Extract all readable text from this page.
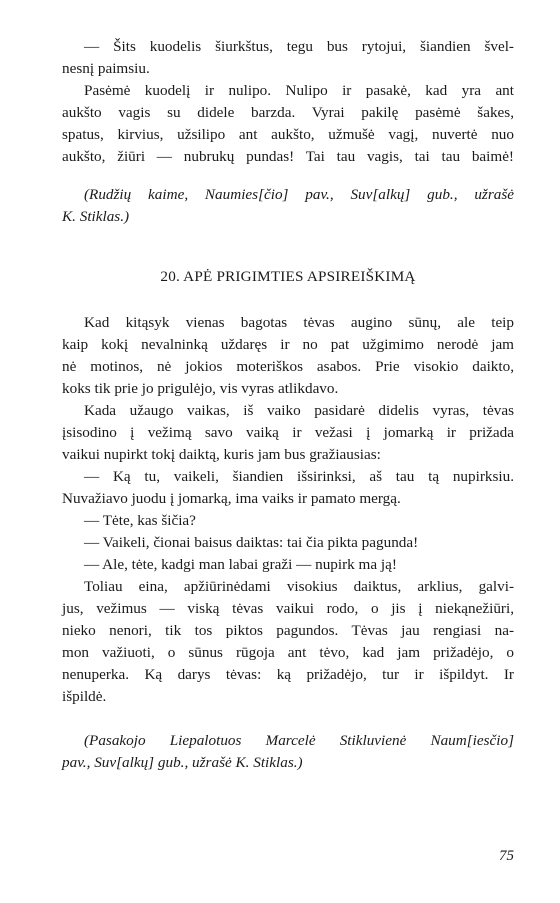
— Šits kuodelis šiurkštus, tegu bus rytojui, šiandien švel-
nesnį paimsiu.
Pasėmė kuodelį ir nulipo. Nulipo ir pasakė, kad yra ant
aukšto vagis su didele barzda. Vyrai pakilę pasėmė šakes,
spatus, kirvius, užsilipo ant aukšto, užmušė vagį, nuvertė nuo
aukšto, žiūri — nubrukų pundas! Tai tau vagis, tai tau baimė!
(Rudžių kaime, Naumies[čio] pav., Suv[alkų] gub., užrašė
K. Stiklas.)
20. APĖ PRIGIMTIES APSIREIŠKIMĄ
Kad kitąsyk vienas bagotas tėvas augino sūnų, ale teip
kaip kokį nevalninką uždaręs ir no pat užgimimo nerodė jam
nė motinos, nė jokios moteriškos asabos. Prie visokio daikto,
koks tik prie jo prigulėjo, vis vyras atlikdavo.
Kada užaugo vaikas, iš vaiko pasidarė didelis vyras, tėvas
įsisodino į vežimą savo vaiką ir vežasi į jomarką ir prižada
vaikui nupirkt tokį daiktą, kuris jam bus gražiausias:
— Ką tu, vaikeli, šiandien išsirinksi, aš tau tą nupirksiu.
Nuvažiavo juodu į jomarką, ima vaiks ir pamato mergą.
— Tėte, kas šičia?
— Vaikeli, čionai baisus daiktas: tai čia pikta pagunda!
— Ale, tėte, kadgi man labai graži — nupirk ma ją!
Toliau eina, apžiūrinėdami visokius daiktus, arklius, galvi-
jus, vežimus — viską tėvas vaikui rodo, o jis į niekąnežiūri,
nieko nenori, tik tos piktos pagundos. Tėvas jau rengiasi na-
mon važiuoti, o sūnus rūgoja ant tėvo, kad jam prižadėjo, o
nenuperka. Ką darys tėvas: ką prižadėjo, tur ir išpildyt. Ir
išpildė.
(Pasakojo Liepalotuos Marcelė Stikluvienė Naum[iesčio]
pav., Suv[alkų] gub., užrašė K. Stiklas.)
75
